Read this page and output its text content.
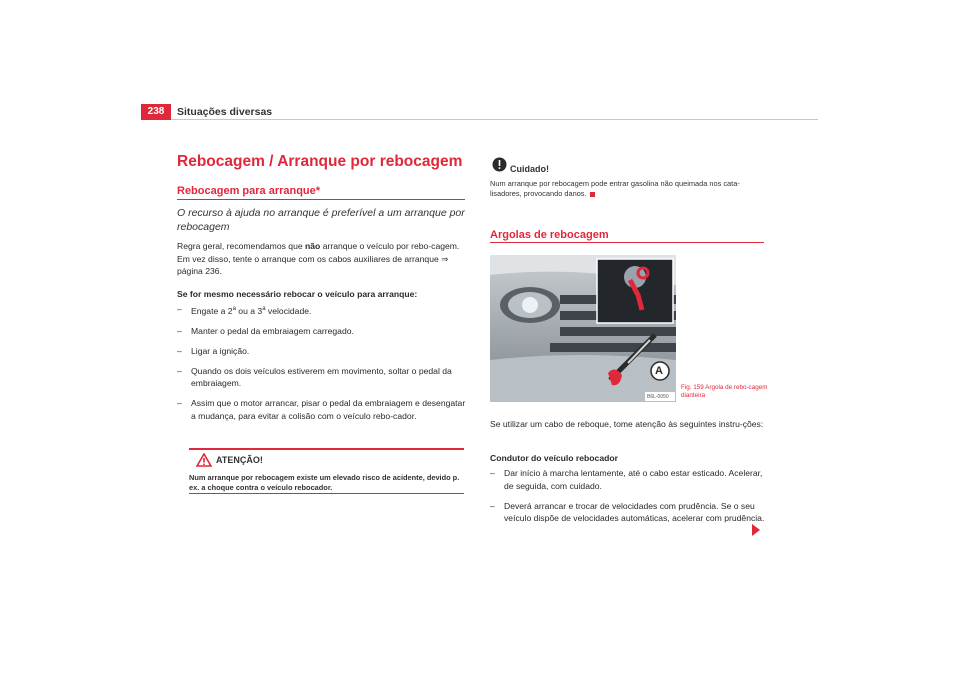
238	Situações diversas
Rebocagem / Arranque por rebocagem
Rebocagem para arranque*
O recurso à ajuda no arranque é preferível a um arranque por rebocagem
Regra geral, recomendamos que não arranque o veículo por rebo-cagem. Em vez disso, tente o arranque com os cabos auxiliares de arranque ⇒ página 236.
Se for mesmo necessário rebocar o veículo para arranque:
– Engate a 2$^a$ ou a 3$^a$ velocidade.
– Manter o pedal da embraiagem carregado.
– Ligar a ignição.
– Quando os dois veículos estiverem em movimento, soltar o pedal da embraiagem.
– Assim que o motor arrancar, pisar o pedal da embraiagem e desengatar a mudança, para evitar a colisão com o veículo rebo-cador.
ATENÇÃO!
Num arranque por rebocagem existe um elevado risco de acidente, devido p. ex. a choque contra o veículo rebocador.
Cuidado!
Num arranque por rebocagem pode entrar gasolina não queimada nos cata-lisadores, provocando danos.
Argolas de rebocagem
A
B6L-0050
Fig. 159 Argola de rebo-cagem dianteira
Se utilizar um cabo de reboque, tome atenção às seguintes instru-ções:
Condutor do veículo rebocador
– Dar início à marcha lentamente, até o cabo estar esticado. Acelerar, de seguida, com cuidado.
– Deverá arrancar e trocar de velocidades com prudência. Se o seu veículo dispõe de velocidades automáticas, acelerar com prudência.
